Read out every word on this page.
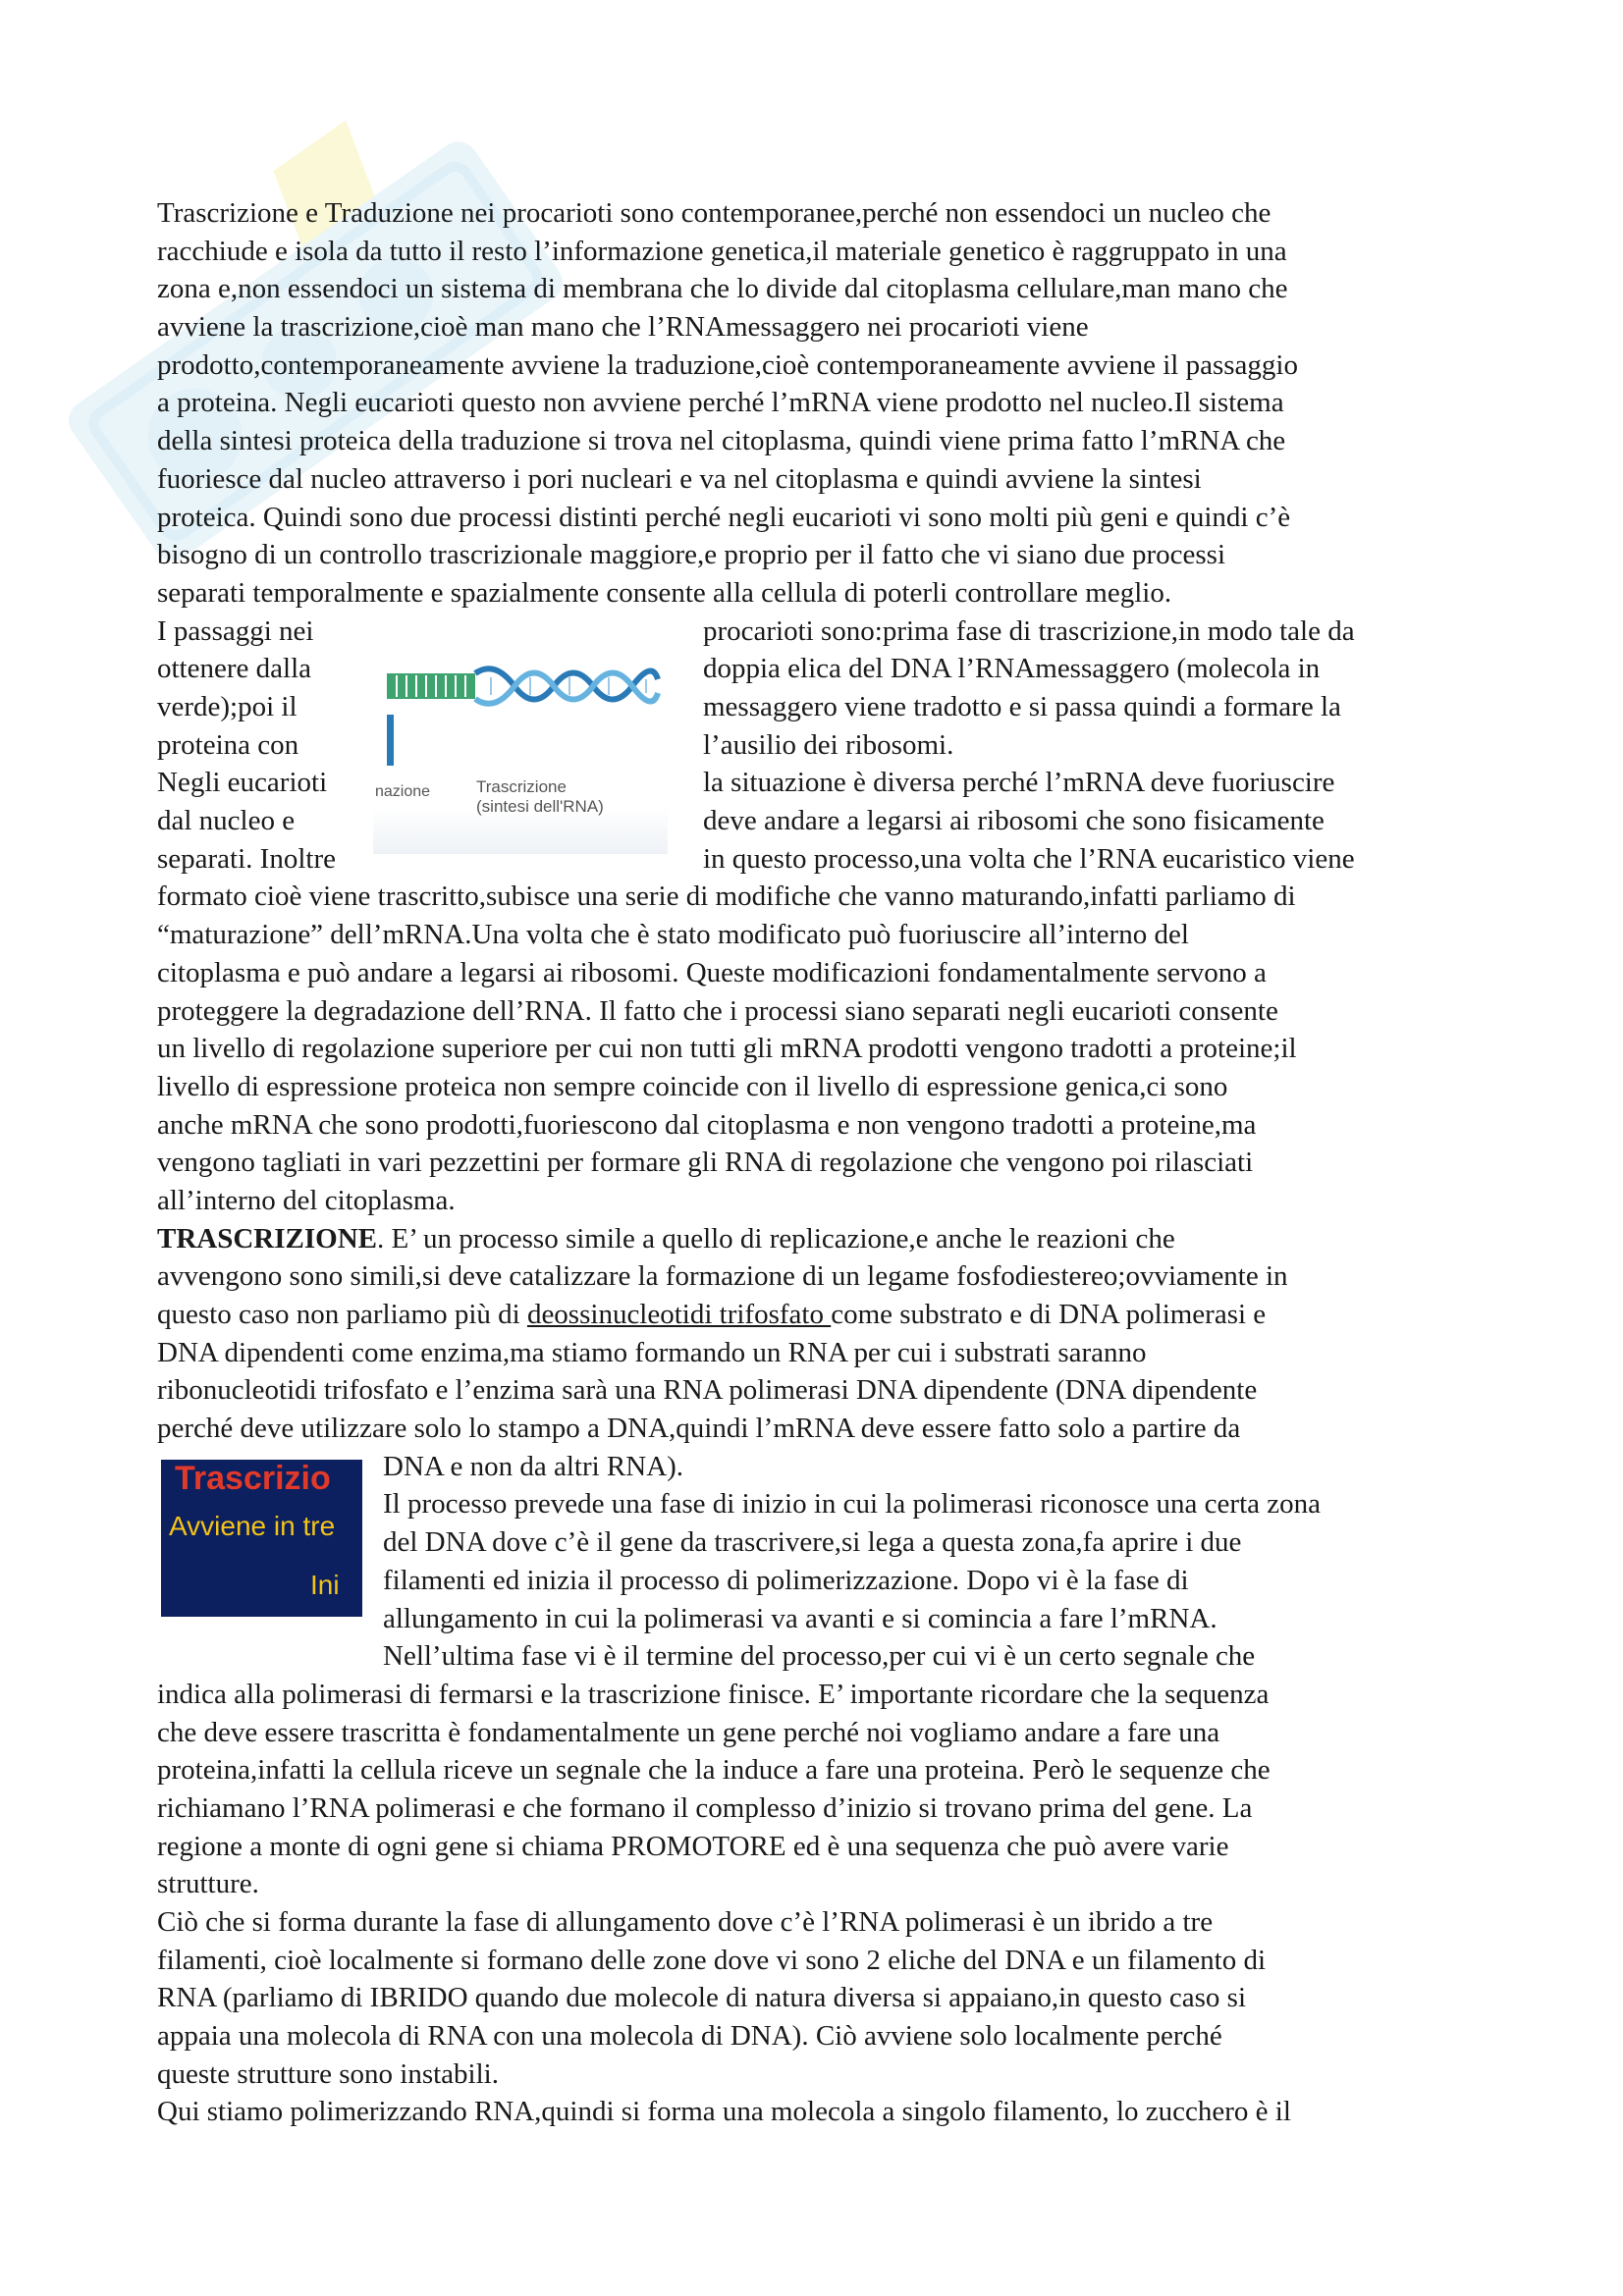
Trascrizione e Traduzione nei procarioti sono contemporanee,perché non essendoci un nucleo che
racchiude e isola da tutto il resto l’informazione genetica,il materiale genetico è raggruppato in una
zona e,non essendoci un sistema di membrana che lo divide dal citoplasma cellulare,man mano che
avviene la trascrizione,cioè man mano che l’RNAmessaggero nei procarioti viene
prodotto,contemporaneamente avviene la traduzione,cioè contemporaneamente avviene il passaggio
a proteina. Negli eucarioti questo non avviene perché l’mRNA viene prodotto nel nucleo.Il sistema
della sintesi proteica della traduzione si trova nel citoplasma, quindi viene prima fatto l’mRNA che
fuoriesce dal nucleo attraverso i pori nucleari e va nel citoplasma e quindi avviene la sintesi
proteica. Quindi sono due processi distinti perché negli eucarioti vi sono molti più geni e quindi c’è
bisogno di un controllo trascrizionale maggiore,e proprio per il fatto che vi siano due processi
separati temporalmente e spazialmente consente alla cellula di poterli controllare meglio.
I passaggi nei
ottenere dalla
verde);poi il
proteina con
Negli eucarioti
dal nucleo e
separati. Inoltre
nazione	Trascrizione
(sintesi dell'RNA)
procarioti sono:prima fase di trascrizione,in modo tale da
doppia elica del DNA l’RNAmessaggero (molecola in
messaggero viene tradotto e si passa quindi a formare la
l’ausilio dei ribosomi.
la situazione è diversa perché l’mRNA deve fuoriuscire
deve andare a legarsi ai ribosomi che sono fisicamente
in questo processo,una volta che l’RNA eucaristico viene
formato cioè viene trascritto,subisce una serie di modifiche che vanno maturando,infatti parliamo di
“maturazione” dell’mRNA.Una volta che è stato modificato può fuoriuscire all’interno del
citoplasma e può andare a legarsi ai ribosomi. Queste modificazioni fondamentalmente servono a
proteggere la degradazione dell’RNA. Il fatto che i processi siano separati negli eucarioti consente
un livello di regolazione superiore per cui non tutti gli mRNA prodotti vengono tradotti a proteine;il
livello di espressione proteica non sempre coincide con il livello di espressione genica,ci sono
anche mRNA che sono prodotti,fuoriescono dal citoplasma e non vengono tradotti a proteine,ma
vengono tagliati in vari pezzettini per formare gli RNA di regolazione che vengono poi rilasciati
all’interno del citoplasma.
TRASCRIZIONE. E’ un processo simile a quello di replicazione,e anche le reazioni che
avvengono sono simili,si deve catalizzare la formazione di un legame fosfodiestereo;ovviamente in
questo caso non parliamo più di deossinucleotidi trifosfato come substrato e di DNA polimerasi e
DNA dipendenti come enzima,ma stiamo formando un RNA per cui i substrati saranno
ribonucleotidi trifosfato e l’enzima sarà una RNA polimerasi DNA dipendente (DNA dipendente
perché deve utilizzare solo lo stampo a DNA,quindi l’mRNA deve essere fatto solo a partire da
Trascrizio
Avviene in tre
Ini
DNA e non da altri RNA).
Il processo prevede una fase di inizio in cui la polimerasi riconosce una certa zona
del DNA dove c’è il gene da trascrivere,si lega a questa zona,fa aprire i due
filamenti ed inizia il processo di polimerizzazione. Dopo vi è la fase di
allungamento in cui la polimerasi va avanti e si comincia a fare l’mRNA.
Nell’ultima fase vi è il termine del processo,per cui vi è un certo segnale che
indica alla polimerasi di fermarsi e la trascrizione finisce. E’ importante ricordare che la sequenza
che deve essere trascritta è fondamentalmente un gene perché noi vogliamo andare a fare una
proteina,infatti la cellula riceve un segnale che la induce a fare una proteina. Però le sequenze che
richiamano l’RNA polimerasi e che formano il complesso d’inizio si trovano prima del gene. La
regione a monte di ogni gene si chiama PROMOTORE ed è una sequenza che può avere varie
strutture.
Ciò che si forma durante la fase di allungamento dove c’è l’RNA polimerasi è un ibrido a tre
filamenti, cioè localmente si formano delle zone dove vi sono 2 eliche del DNA e un filamento di
RNA (parliamo di IBRIDO quando due molecole di natura diversa si appaiano,in questo caso si
appaia una molecola di RNA con una molecola di DNA). Ciò avviene solo localmente perché
queste strutture sono instabili.
Qui stiamo polimerizzando RNA,quindi si forma una molecola a singolo filamento, lo zucchero è il
